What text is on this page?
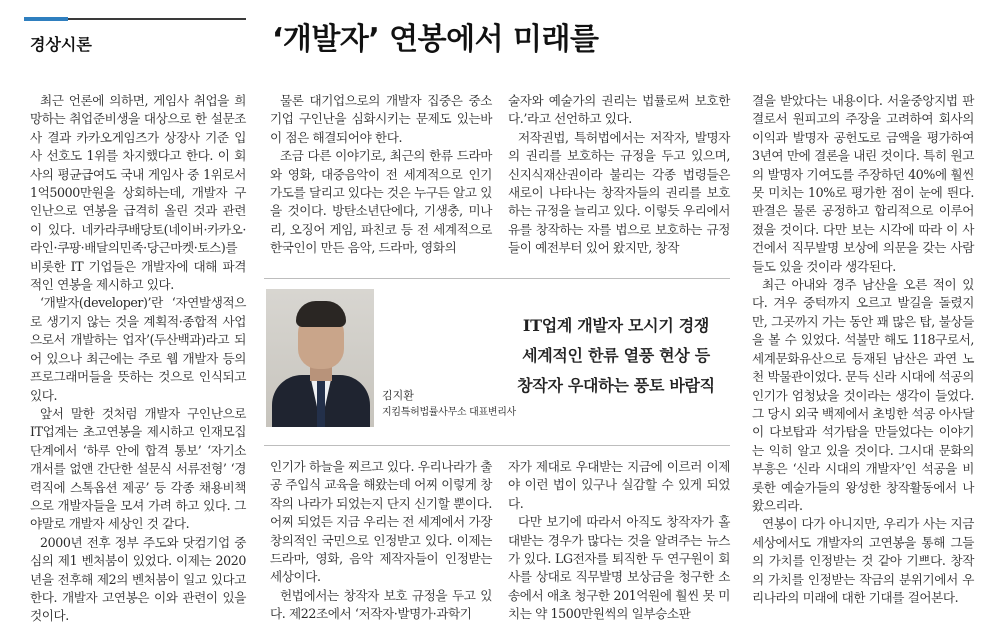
경상시론	‘개발자’ 연봉에서 미래를

최근 언론에 의하면, 게임사 취업을 희망하는 취업준비생을 대상으로 한 설문조사 결과 카카오게임즈가 상장사 기준 입사 선호도 1위를 차지했다고 한다. 이 회사의 평균급여도 국내 게임사 중 1위로서 1억5000만원을 상회하는데, 개발자 구인난으로 연봉을 급격히 올린 것과 관련이 있다. 네카라쿠배당토(네이버·카카오·라인·쿠팡·배달의민족·당근마켓·토스)를 비롯한 IT 기업들은 개발자에 대해 파격적인 연봉을 제시하고 있다.

‘개발자(developer)’란 ‘자연발생적으로 생기지 않는 것을 계획적·종합적 사업으로서 개발하는 업자’(두산백과)라고 되어 있으나 최근에는 주로 웹 개발자 등의 프로그래머들을 뜻하는 것으로 인식되고 있다.

앞서 말한 것처럼 개발자 구인난으로 IT업계는 초고연봉을 제시하고 인재모집 단계에서 ‘하루 안에 합격 통보’ ‘자기소개서를 없앤 간단한 설문식 서류전형’ ‘경력직에 스톡옵션 제공’ 등 각종 채용비책으로 개발자들을 모셔 가려 하고 있다. 그야말로 개발자 세상인 것 같다.

2000년 전후 정부 주도와 닷컴기업 중심의 제1 벤처붐이 있었다. 이제는 2020년을 전후해 제2의 벤처붐이 일고 있다고 한다. 개발자 고연봉은 이와 관련이 있을 것이다.

물론 대기업으로의 개발자 집중은 중소기업 구인난을 심화시키는 문제도 있는바 이 점은 해결되어야 한다.

조금 다른 이야기로, 최근의 한류 드라마와 영화, 대중음악이 전 세계적으로 인기 가도를 달리고 있다는 것은 누구든 알고 있을 것이다. 방탄소년단에다, 기생충, 미나리, 오징어 게임, 파친코 등 전 세계적으로 한국인이 만든 음악, 드라마, 영화의

술자와 예술가의 권리는 법률로써 보호한다.’라고 선언하고 있다.

저작권법, 특허법에서는 저작자, 발명자의 권리를 보호하는 규정을 두고 있으며, 신지식재산권이라 불리는 각종 법령들은 새로이 나타나는 창작자들의 권리를 보호하는 규정을 늘리고 있다. 이렇듯 우리에서 유를 창작하는 자를 법으로 보호하는 규정들이 예전부터 있어 왔지만, 창작

김지환
지킴특허법률사무소 대표변리사
IT업계 개발자 모시기 경쟁
세계적인 한류 열풍 현상 등
창작자 우대하는 풍토 바람직

인기가 하늘을 찌르고 있다. 우리나라가 출공 주입식 교육을 해왔는데 어찌 이렇게 창작의 나라가 되었는지 단지 신기할 뿐이다. 어찌 되었든 지금 우리는 전 세계에서 가장 창의적인 국민으로 인정받고 있다. 이제는 드라마, 영화, 음악 제작자들이 인정받는 세상이다.

헌법에서는 창작자 보호 규정을 두고 있다. 제22조에서 ‘저작자·발명가·과학기

자가 제대로 우대받는 지금에 이르러 이제야 이런 법이 있구나 실감할 수 있게 되었다.

다만 보기에 따라서 아직도 창작자가 홀대받는 경우가 많다는 것을 알려주는 뉴스가 있다. LG전자를 퇴직한 두 연구원이 회사를 상대로 직무발명 보상금을 청구한 소송에서 애초 청구한 201억원에 훨씬 못 미치는 약 1500만원씩의 일부승소판

결을 받았다는 내용이다. 서울중앙지법 판결로서 원피고의 주장을 고려하여 회사의 이익과 발명자 공헌도로 금액을 평가하여 3년여 만에 결론을 내린 것이다. 특히 원고의 발명자 기여도를 주장하던 40%에 훨씬 못 미치는 10%로 평가한 점이 눈에 띈다. 판결은 물론 공정하고 합리적으로 이루어졌을 것이다. 다만 보는 시각에 따라 이 사건에서 직무발명 보상에 의문을 갖는 사람들도 있을 것이라 생각된다.

최근 아내와 경주 남산을 오른 적이 있다. 겨우 중턱까지 오르고 발길을 돌렸지만, 그곳까지 가는 동안 꽤 많은 탑, 불상들을 볼 수 있었다. 석불만 해도 118구로서, 세계문화유산으로 등재된 남산은 과연 노천 박물관이었다. 문득 신라 시대에 석공의 인기가 엄청났을 것이라는 생각이 들었다. 그 당시 외국 백제에서 초빙한 석공 아사달이 다보탑과 석가탑을 만들었다는 이야기는 익히 알고 있을 것이다. 그시대 문화의 부흥은 ‘신라 시대의 개발자’인 석공을 비롯한 예술가들의 왕성한 창작활동에서 나왔으리라.

연봉이 다가 아니지만, 우리가 사는 지금 세상에서도 개발자의 고연봉을 통해 그들의 가치를 인정받는 것 같아 기쁘다. 창작의 가치를 인정받는 작금의 분위기에서 우리나라의 미래에 대한 기대를 걸어본다.
